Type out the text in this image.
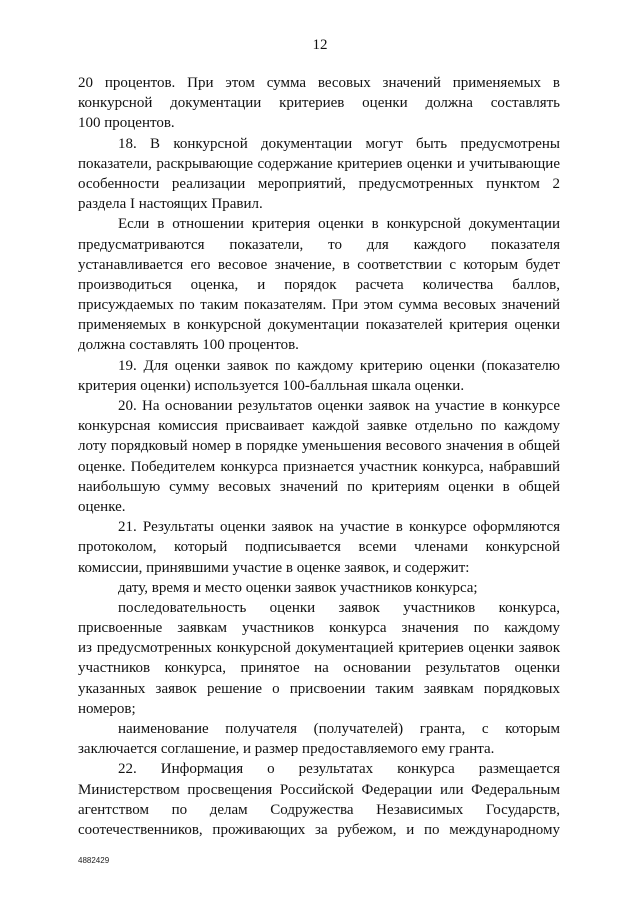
12
20 процентов. При этом сумма весовых значений применяемых в
конкурсной документации критериев оценки должна составлять
100 процентов.
18. В конкурсной документации могут быть предусмотрены
показатели, раскрывающие содержание критериев оценки и учитывающие
особенности реализации мероприятий, предусмотренных пунктом 2
раздела I настоящих Правил.
Если в отношении критерия оценки в конкурсной документации
предусматриваются показатели, то для каждого показателя
устанавливается его весовое значение, в соответствии с которым будет
производиться оценка, и порядок расчета количества баллов,
присуждаемых по таким показателям. При этом сумма весовых значений
применяемых в конкурсной документации показателей критерия оценки
должна составлять 100 процентов.
19. Для оценки заявок по каждому критерию оценки (показателю
критерия оценки) используется 100-балльная шкала оценки.
20. На основании результатов оценки заявок на участие в конкурсе
конкурсная комиссия присваивает каждой заявке отдельно по каждому
лоту порядковый номер в порядке уменьшения весового значения в общей
оценке. Победителем конкурса признается участник конкурса, набравший
наибольшую сумму весовых значений по критериям оценки в общей
оценке.
21. Результаты оценки заявок на участие в конкурсе оформляются
протоколом, который подписывается всеми членами конкурсной
комиссии, принявшими участие в оценке заявок, и содержит:
дату, время и место оценки заявок участников конкурса;
последовательность оценки заявок участников конкурса,
присвоенные заявкам участников конкурса значения по каждому
из предусмотренных конкурсной документацией критериев оценки заявок
участников конкурса, принятое на основании результатов оценки
указанных заявок решение о присвоении таким заявкам порядковых
номеров;
наименование получателя (получателей) гранта, с которым
заключается соглашение, и размер предоставляемого ему гранта.
22. Информация о результатах конкурса размещается
Министерством просвещения Российской Федерации или Федеральным
агентством по делам Содружества Независимых Государств,
соотечественников, проживающих за рубежом, и по международному
4882429
